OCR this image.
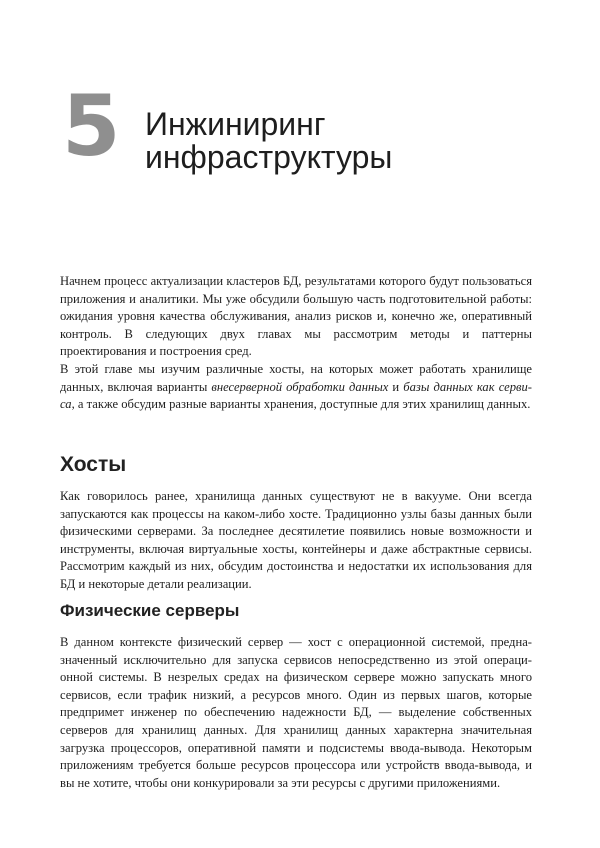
5 Инжиниринг
инфраструктуры

Начнем процесс актуализации кластеров БД, результатами которого будут пользоваться приложения и аналитики. Мы уже обсудили большую часть подготовительной работы: ожидания уровня качества обслуживания, анализ рисков и, конечно же, оперативный контроль. В следующих двух главах мы рассмотрим методы и паттерны проектирования и построения сред.

В этой главе мы изучим различные хосты, на которых может работать хранилище данных, включая варианты внесерверной обработки данных и базы данных как сервиса, а также обсудим разные варианты хранения, доступные для этих хранилищ данных.

Хосты

Как говорилось ранее, хранилища данных существуют не в вакууме. Они всегда запускаются как процессы на каком-либо хосте. Традиционно узлы базы данных были физическими серверами. За последнее десятилетие появились новые возможности и инструменты, включая виртуальные хосты, контейнеры и даже абстрактные сервисы. Рассмотрим каждый из них, обсудим достоинства и недостатки их использования для БД и некоторые детали реализации.

Физические серверы

В данном контексте физический сервер — хост с операционной системой, предназначенный исключительно для запуска сервисов непосредственно из этой операционной системы. В незрелых средах на физическом сервере можно запускать много сервисов, если трафик низкий, а ресурсов много. Один из первых шагов, которые предпримет инженер по обеспечению надежности БД, — выделение собственных серверов для хранилищ данных. Для хранилищ данных характерна значительная загрузка процессоров, оперативной памяти и подсистемы ввода-вывода. Некоторым приложениям требуется больше ресурсов процессора или устройств ввода-вывода, и вы не хотите, чтобы они конкурировали за эти ресурсы с другими приложениями.
